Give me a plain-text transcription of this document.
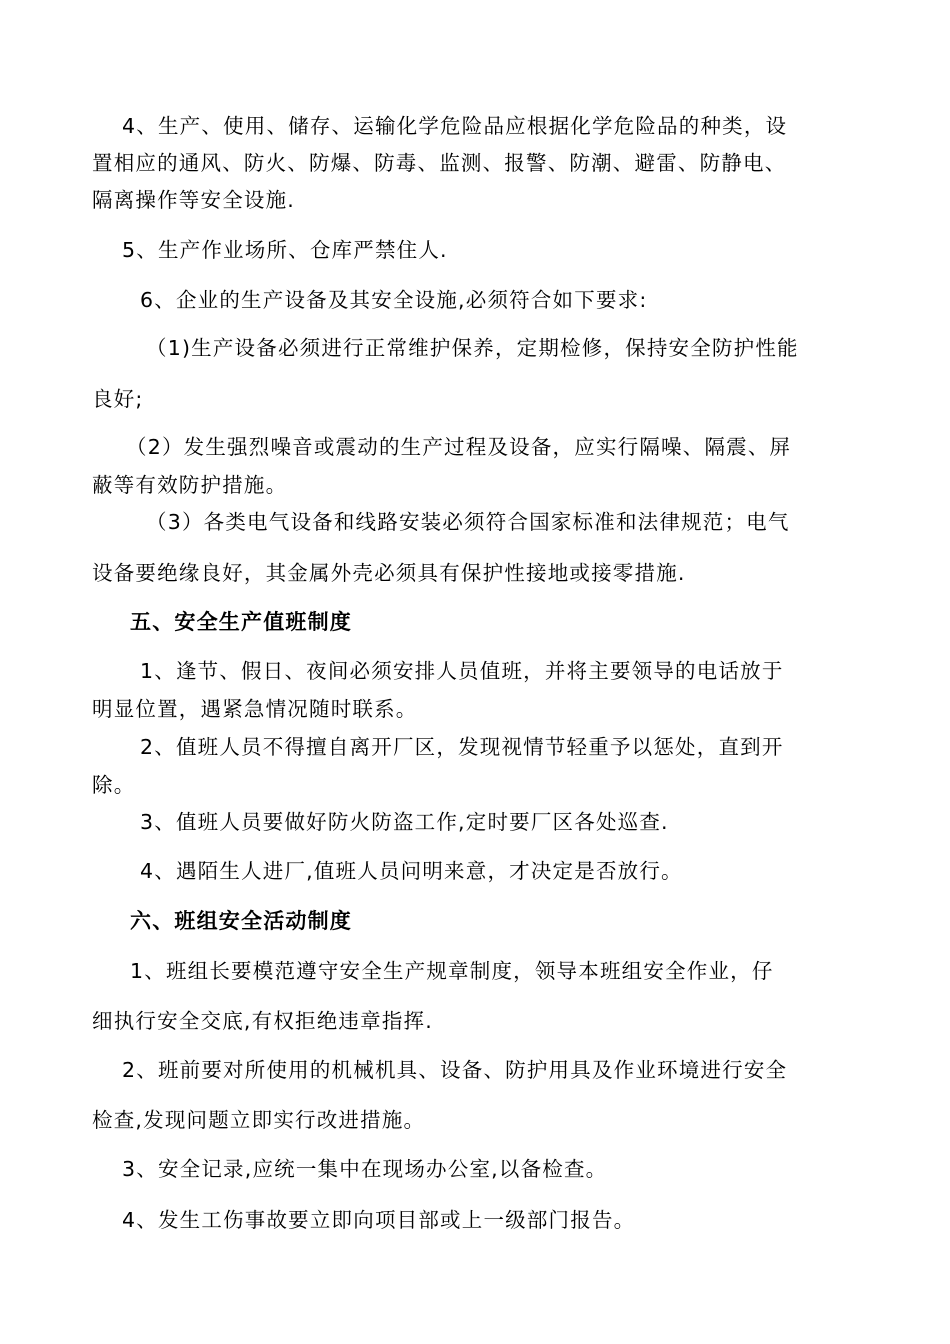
4、生产、使用、储存、运输化学危险品应根据化学危险品的种类，设

置相应的通风、防火、防爆、防毒、监测、报警、防潮、避雷、防静电、

隔离操作等安全设施.

5、生产作业场所、仓库严禁住人.

6、企业的生产设备及其安全设施,必须符合如下要求:

（1)生产设备必须进行正常维护保养，定期检修，保持安全防护性能

良好;

（2）发生强烈噪音或震动的生产过程及设备，应实行隔噪、隔震、屏

蔽等有效防护措施。

（3）各类电气设备和线路安装必须符合国家标准和法律规范；电气

设备要绝缘良好，其金属外壳必须具有保护性接地或接零措施.

五、安全生产值班制度

1、逢节、假日、夜间必须安排人员值班，并将主要领导的电话放于

明显位置，遇紧急情况随时联系。

2、值班人员不得擅自离开厂区，发现视情节轻重予以惩处，直到开

除。

3、值班人员要做好防火防盗工作,定时要厂区各处巡查.

4、遇陌生人进厂,值班人员问明来意，才决定是否放行。

六、班组安全活动制度

1、班组长要模范遵守安全生产规章制度，领导本班组安全作业，仔

细执行安全交底,有权拒绝违章指挥.

2、班前要对所使用的机械机具、设备、防护用具及作业环境进行安全

检查,发现问题立即实行改进措施。

3、安全记录,应统一集中在现场办公室,以备检查。

4、发生工伤事故要立即向项目部或上一级部门报告。
